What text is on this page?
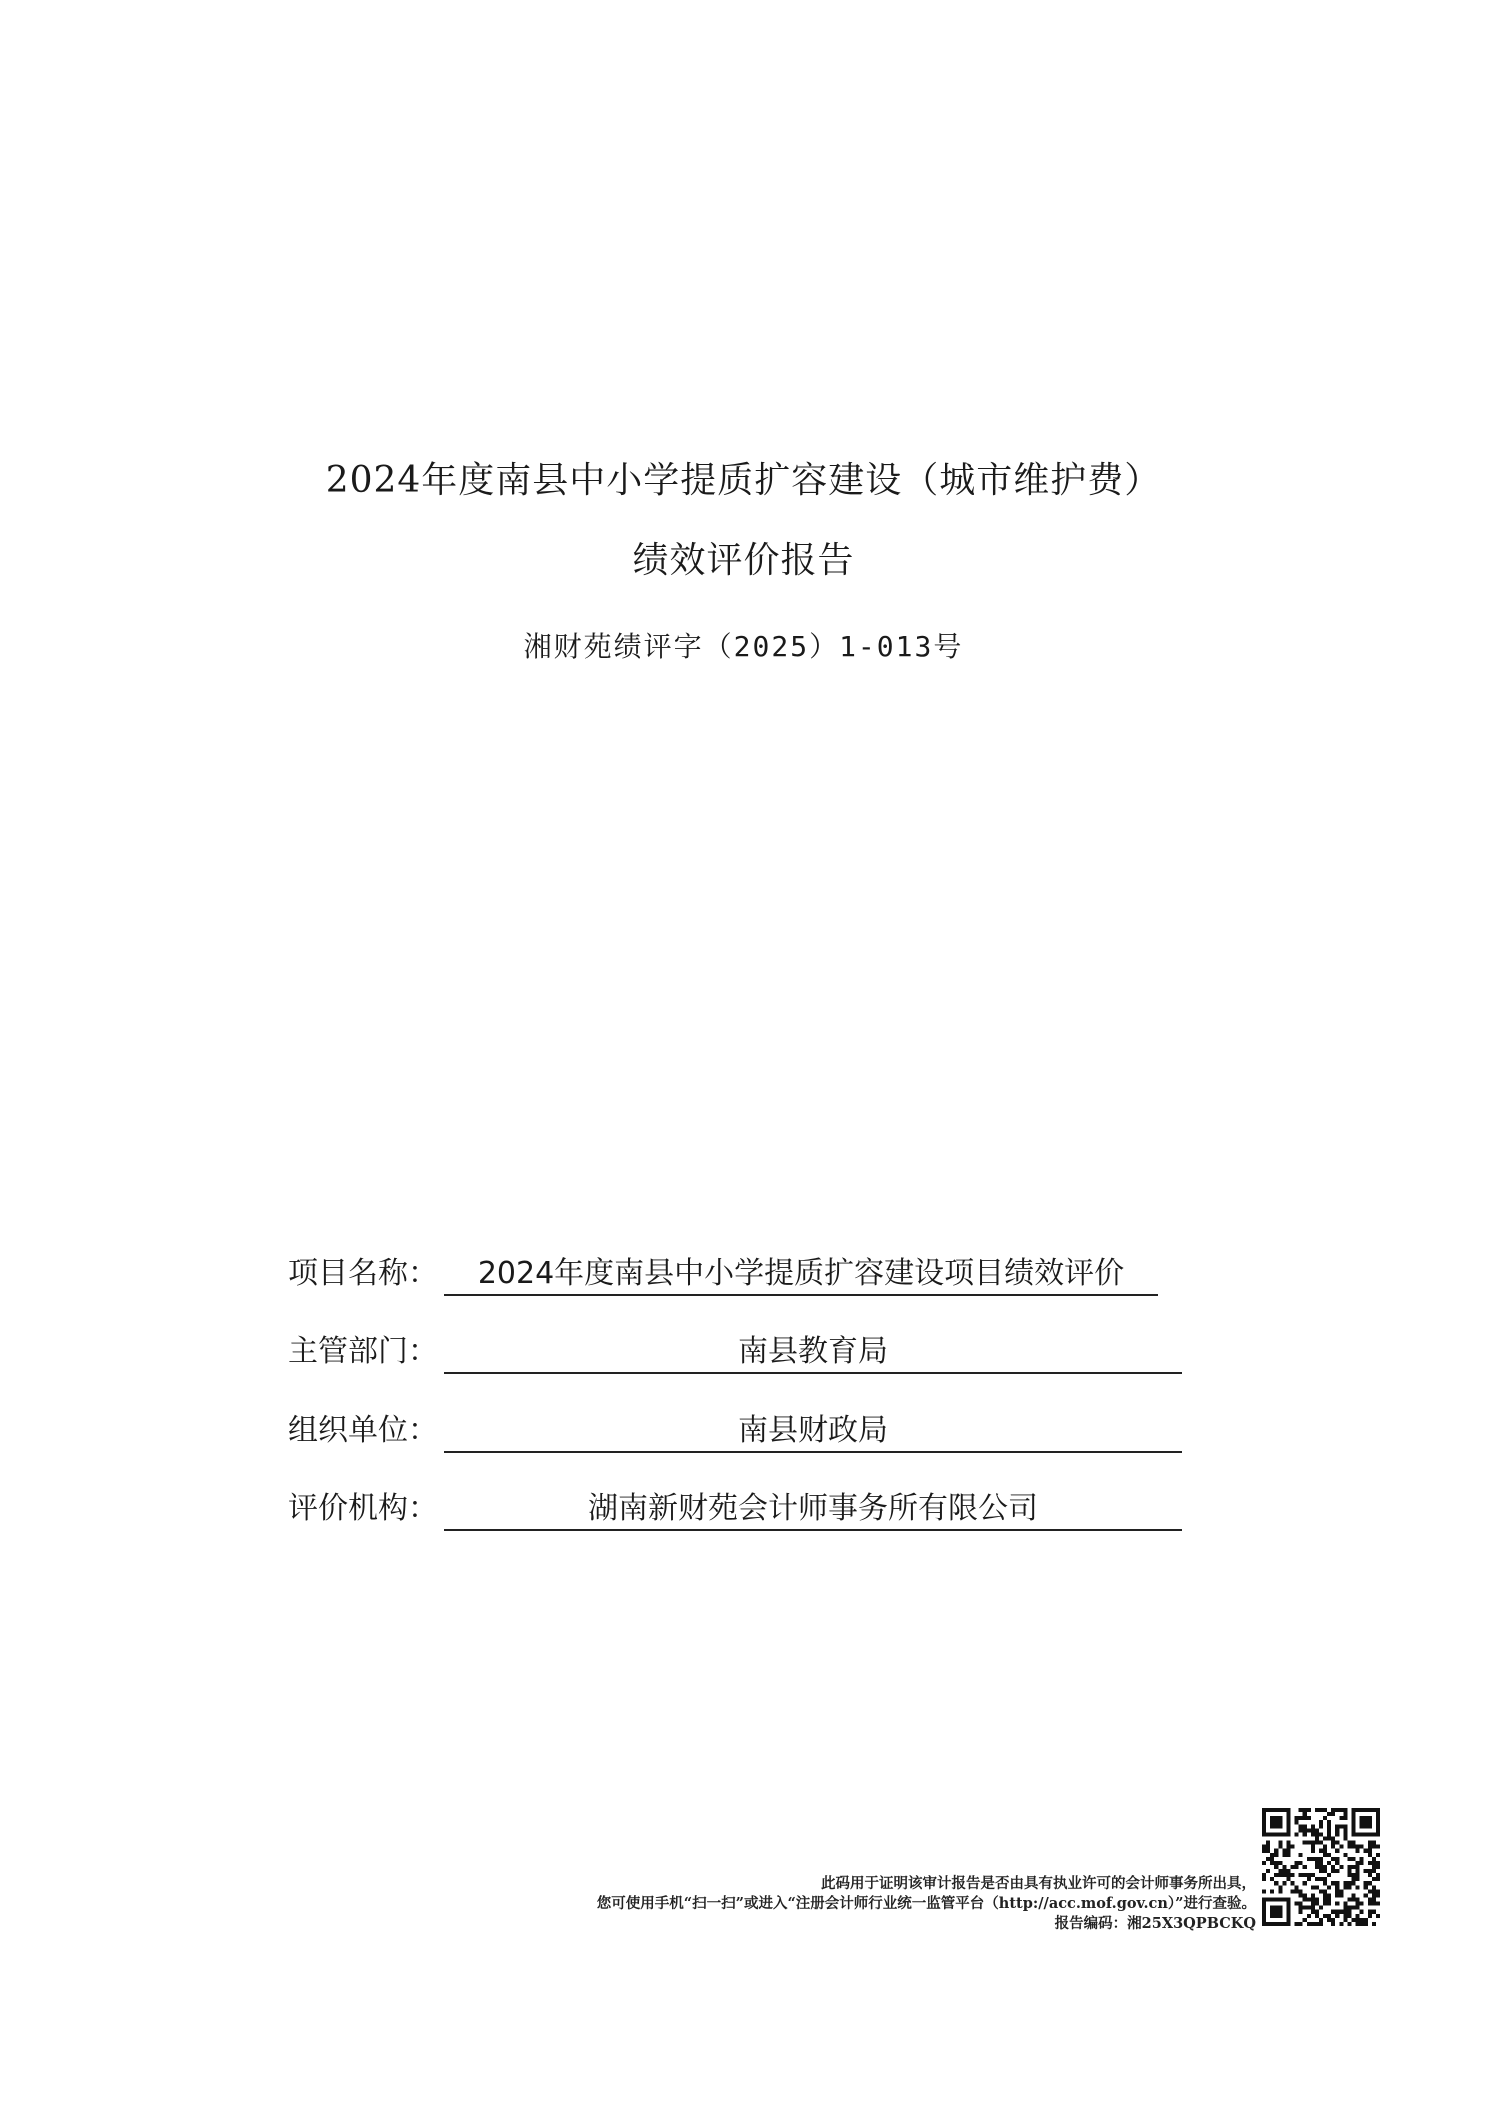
2024年度南县中小学提质扩容建设（城市维护费）
绩效评价报告
湘财苑绩评字（2025）1-013号
项目名称：	2024年度南县中小学提质扩容建设项目绩效评价
主管部门：	南县教育局
组织单位：	南县财政局
评价机构：	湖南新财苑会计师事务所有限公司
此码用于证明该审计报告是否由具有执业许可的会计师事务所出具，
您可使用手机“扫一扫”或进入“注册会计师行业统一监管平台（http://acc.mof.gov.cn）”进行查验。
报告编码：湘25X3QPBCKQ
